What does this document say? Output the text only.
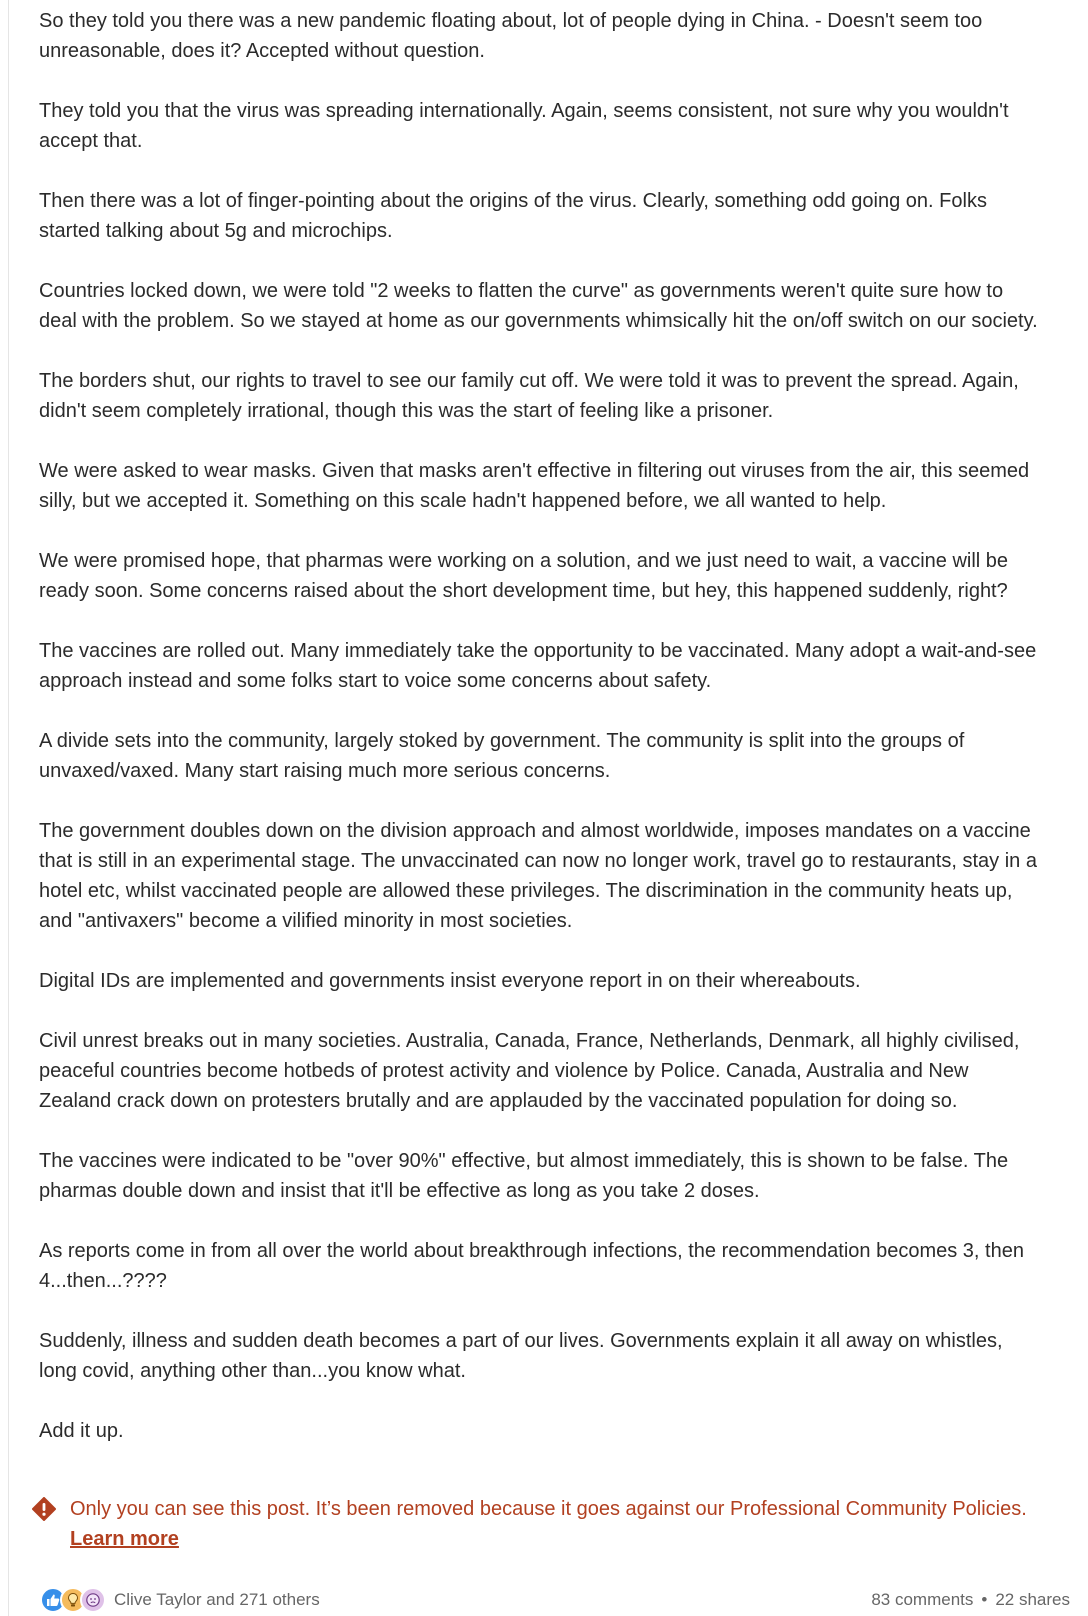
So they told you there was a new pandemic floating about, lot of people dying in China. - Doesn't seem too unreasonable, does it? Accepted without question.

They told you that the virus was spreading internationally. Again, seems consistent, not sure why you wouldn't accept that.

Then there was a lot of finger-pointing about the origins of the virus. Clearly, something odd going on. Folks started talking about 5g and microchips.

Countries locked down, we were told "2 weeks to flatten the curve" as governments weren't quite sure how to deal with the problem. So we stayed at home as our governments whimsically hit the on/off switch on our society.

The borders shut, our rights to travel to see our family cut off. We were told it was to prevent the spread. Again, didn't seem completely irrational, though this was the start of feeling like a prisoner.

We were asked to wear masks. Given that masks aren't effective in filtering out viruses from the air, this seemed silly, but we accepted it. Something on this scale hadn't happened before, we all wanted to help.

We were promised hope, that pharmas were working on a solution, and we just need to wait, a vaccine will be ready soon. Some concerns raised about the short development time, but hey, this happened suddenly, right?

The vaccines are rolled out. Many immediately take the opportunity to be vaccinated. Many adopt a wait-and-see approach instead and some folks start to voice some concerns about safety.

A divide sets into the community, largely stoked by government. The community is split into the groups of unvaxed/vaxed. Many start raising much more serious concerns.

The government doubles down on the division approach and almost worldwide, imposes mandates on a vaccine that is still in an experimental stage. The unvaccinated can now no longer work, travel go to restaurants, stay in a hotel etc, whilst vaccinated people are allowed these privileges. The discrimination in the community heats up, and "antivaxers" become a vilified minority in most societies.

Digital IDs are implemented and governments insist everyone report in on their whereabouts.

Civil unrest breaks out in many societies. Australia, Canada, France, Netherlands, Denmark, all highly civilised, peaceful countries become hotbeds of protest activity and violence by Police. Canada, Australia and New Zealand crack down on protesters brutally and are applauded by the vaccinated population for doing so.

The vaccines were indicated to be "over 90%" effective, but almost immediately, this is shown to be false. The pharmas double down and insist that it'll be effective as long as you take 2 doses.

As reports come in from all over the world about breakthrough infections, the recommendation becomes 3, then 4...then...????

Suddenly, illness and sudden death becomes a part of our lives. Governments explain it all away on whistles, long covid, anything other than...you know what.

Add it up.

Only you can see this post. It’s been removed because it goes against our Professional Community Policies. Learn more
Clive Taylor and 271 others	83 comments • 22 shares
